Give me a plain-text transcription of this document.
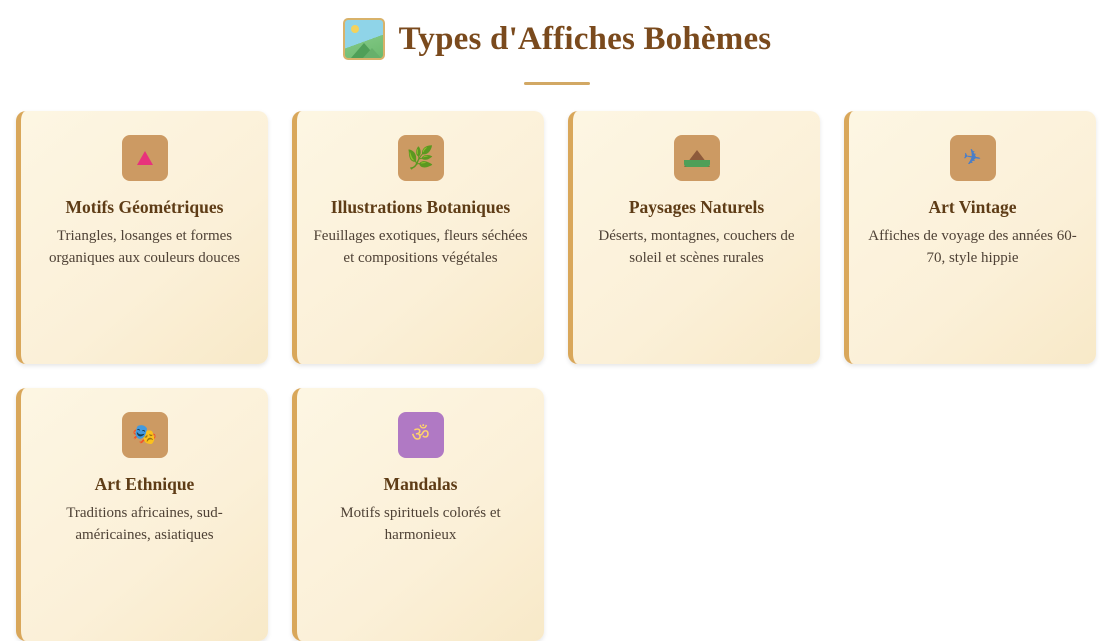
Types d'Affiches Bohèmes
Motifs Géométriques
Triangles, losanges et formes organiques aux couleurs douces
🌿
Illustrations Botaniques
Feuillages exotiques, fleurs séchées et compositions végétales
Paysages Naturels
Déserts, montagnes, couchers de soleil et scènes rurales
✈
Art Vintage
Affiches de voyage des années 60-70, style hippie
🎭
Art Ethnique
Traditions africaines, sud-américaines, asiatiques
ॐ
Mandalas
Motifs spirituels colorés et harmonieux
